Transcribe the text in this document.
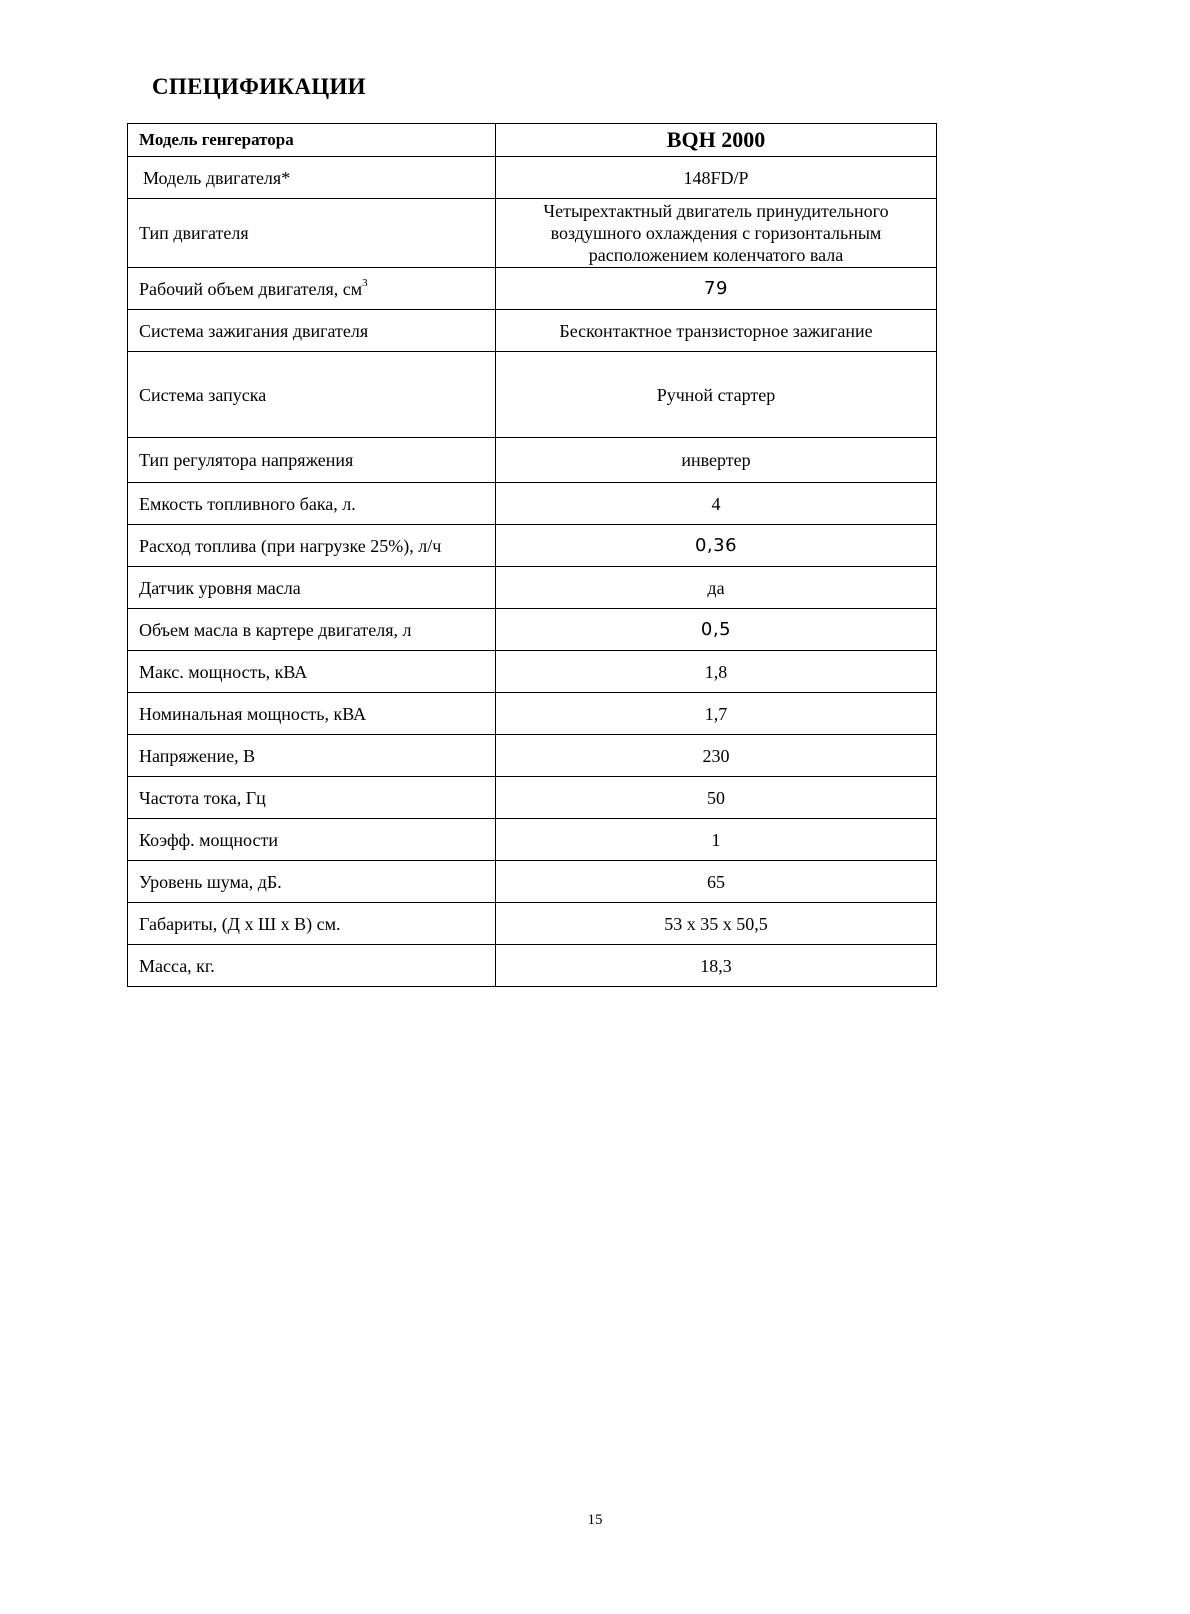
СПЕЦИФИКАЦИИ
Модель генгератора	BQH 2000
Модель двигателя*	148FD/P
Тип двигателя	Четырехтактный двигатель принудительного воздушного охлаждения с горизонтальным расположением коленчатого вала
Рабочий объем двигателя, $см^3$	79
Система зажигания двигателя	Бесконтактное транзисторное зажигание
Система запуска	Ручной стартер
Тип регулятора напряжения	инвертер
Емкость топливного бака, л.	4
Расход топлива (при нагрузке 25%), л/ч	0,36
Датчик уровня масла	да
Объем масла в картере двигателя, л	0,5
Макс. мощность, кВА	1,8
Номинальная мощность, кВА	1,7
Напряжение, В	230
Частота тока, Гц	50
Коэфф. мощности	1
Уровень шума, дБ.	65
Габариты, (Д х Ш х В) см.	53 х 35 х 50,5
Масса, кг.	18,3
15
